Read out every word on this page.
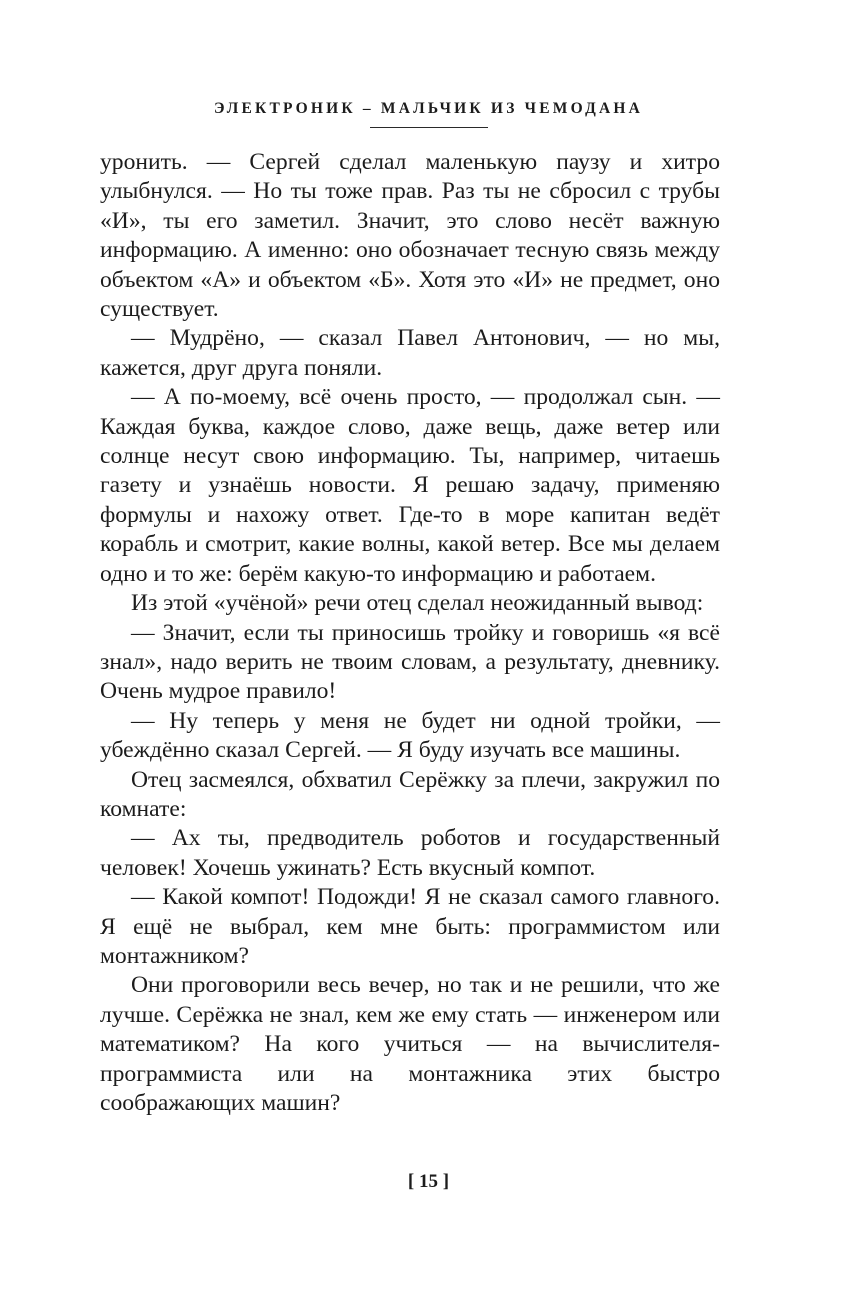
ЭЛЕКТРОНИК – МАЛЬЧИК ИЗ ЧЕМОДАНА

уронить. — Сергей сделал маленькую паузу и хитро улыбнулся. — Но ты тоже прав. Раз ты не сбросил с трубы «И», ты его заметил. Значит, это слово несёт важную информацию. А именно: оно обозначает тесную связь между объектом «А» и объектом «Б». Хотя это «И» не предмет, оно существует.

— Мудрёно, — сказал Павел Антонович, — но мы, кажется, друг друга поняли.

— А по-моему, всё очень просто, — продолжал сын. — Каждая буква, каждое слово, даже вещь, даже ветер или солнце несут свою информацию. Ты, например, читаешь газету и узнаёшь новости. Я решаю задачу, применяю формулы и нахожу ответ. Где-то в море капитан ведёт корабль и смотрит, какие волны, какой ветер. Все мы делаем одно и то же: берём какую-то информацию и работаем.

Из этой «учёной» речи отец сделал неожиданный вывод:

— Значит, если ты приносишь тройку и говоришь «я всё знал», надо верить не твоим словам, а результату, дневнику. Очень мудрое правило!

— Ну теперь у меня не будет ни одной тройки, — убеждённо сказал Сергей. — Я буду изучать все машины.

Отец засмеялся, обхватил Серёжку за плечи, закружил по комнате:

— Ах ты, предводитель роботов и государственный человек! Хочешь ужинать? Есть вкусный компот.

— Какой компот! Подожди! Я не сказал самого главного. Я ещё не выбрал, кем мне быть: программистом или монтажником?

Они проговорили весь вечер, но так и не решили, что же лучше. Серёжка не знал, кем же ему стать — инженером или математиком? На кого учиться — на вычислителя-программиста или на монтажника этих быстро соображающих машин?

[ 15 ]
